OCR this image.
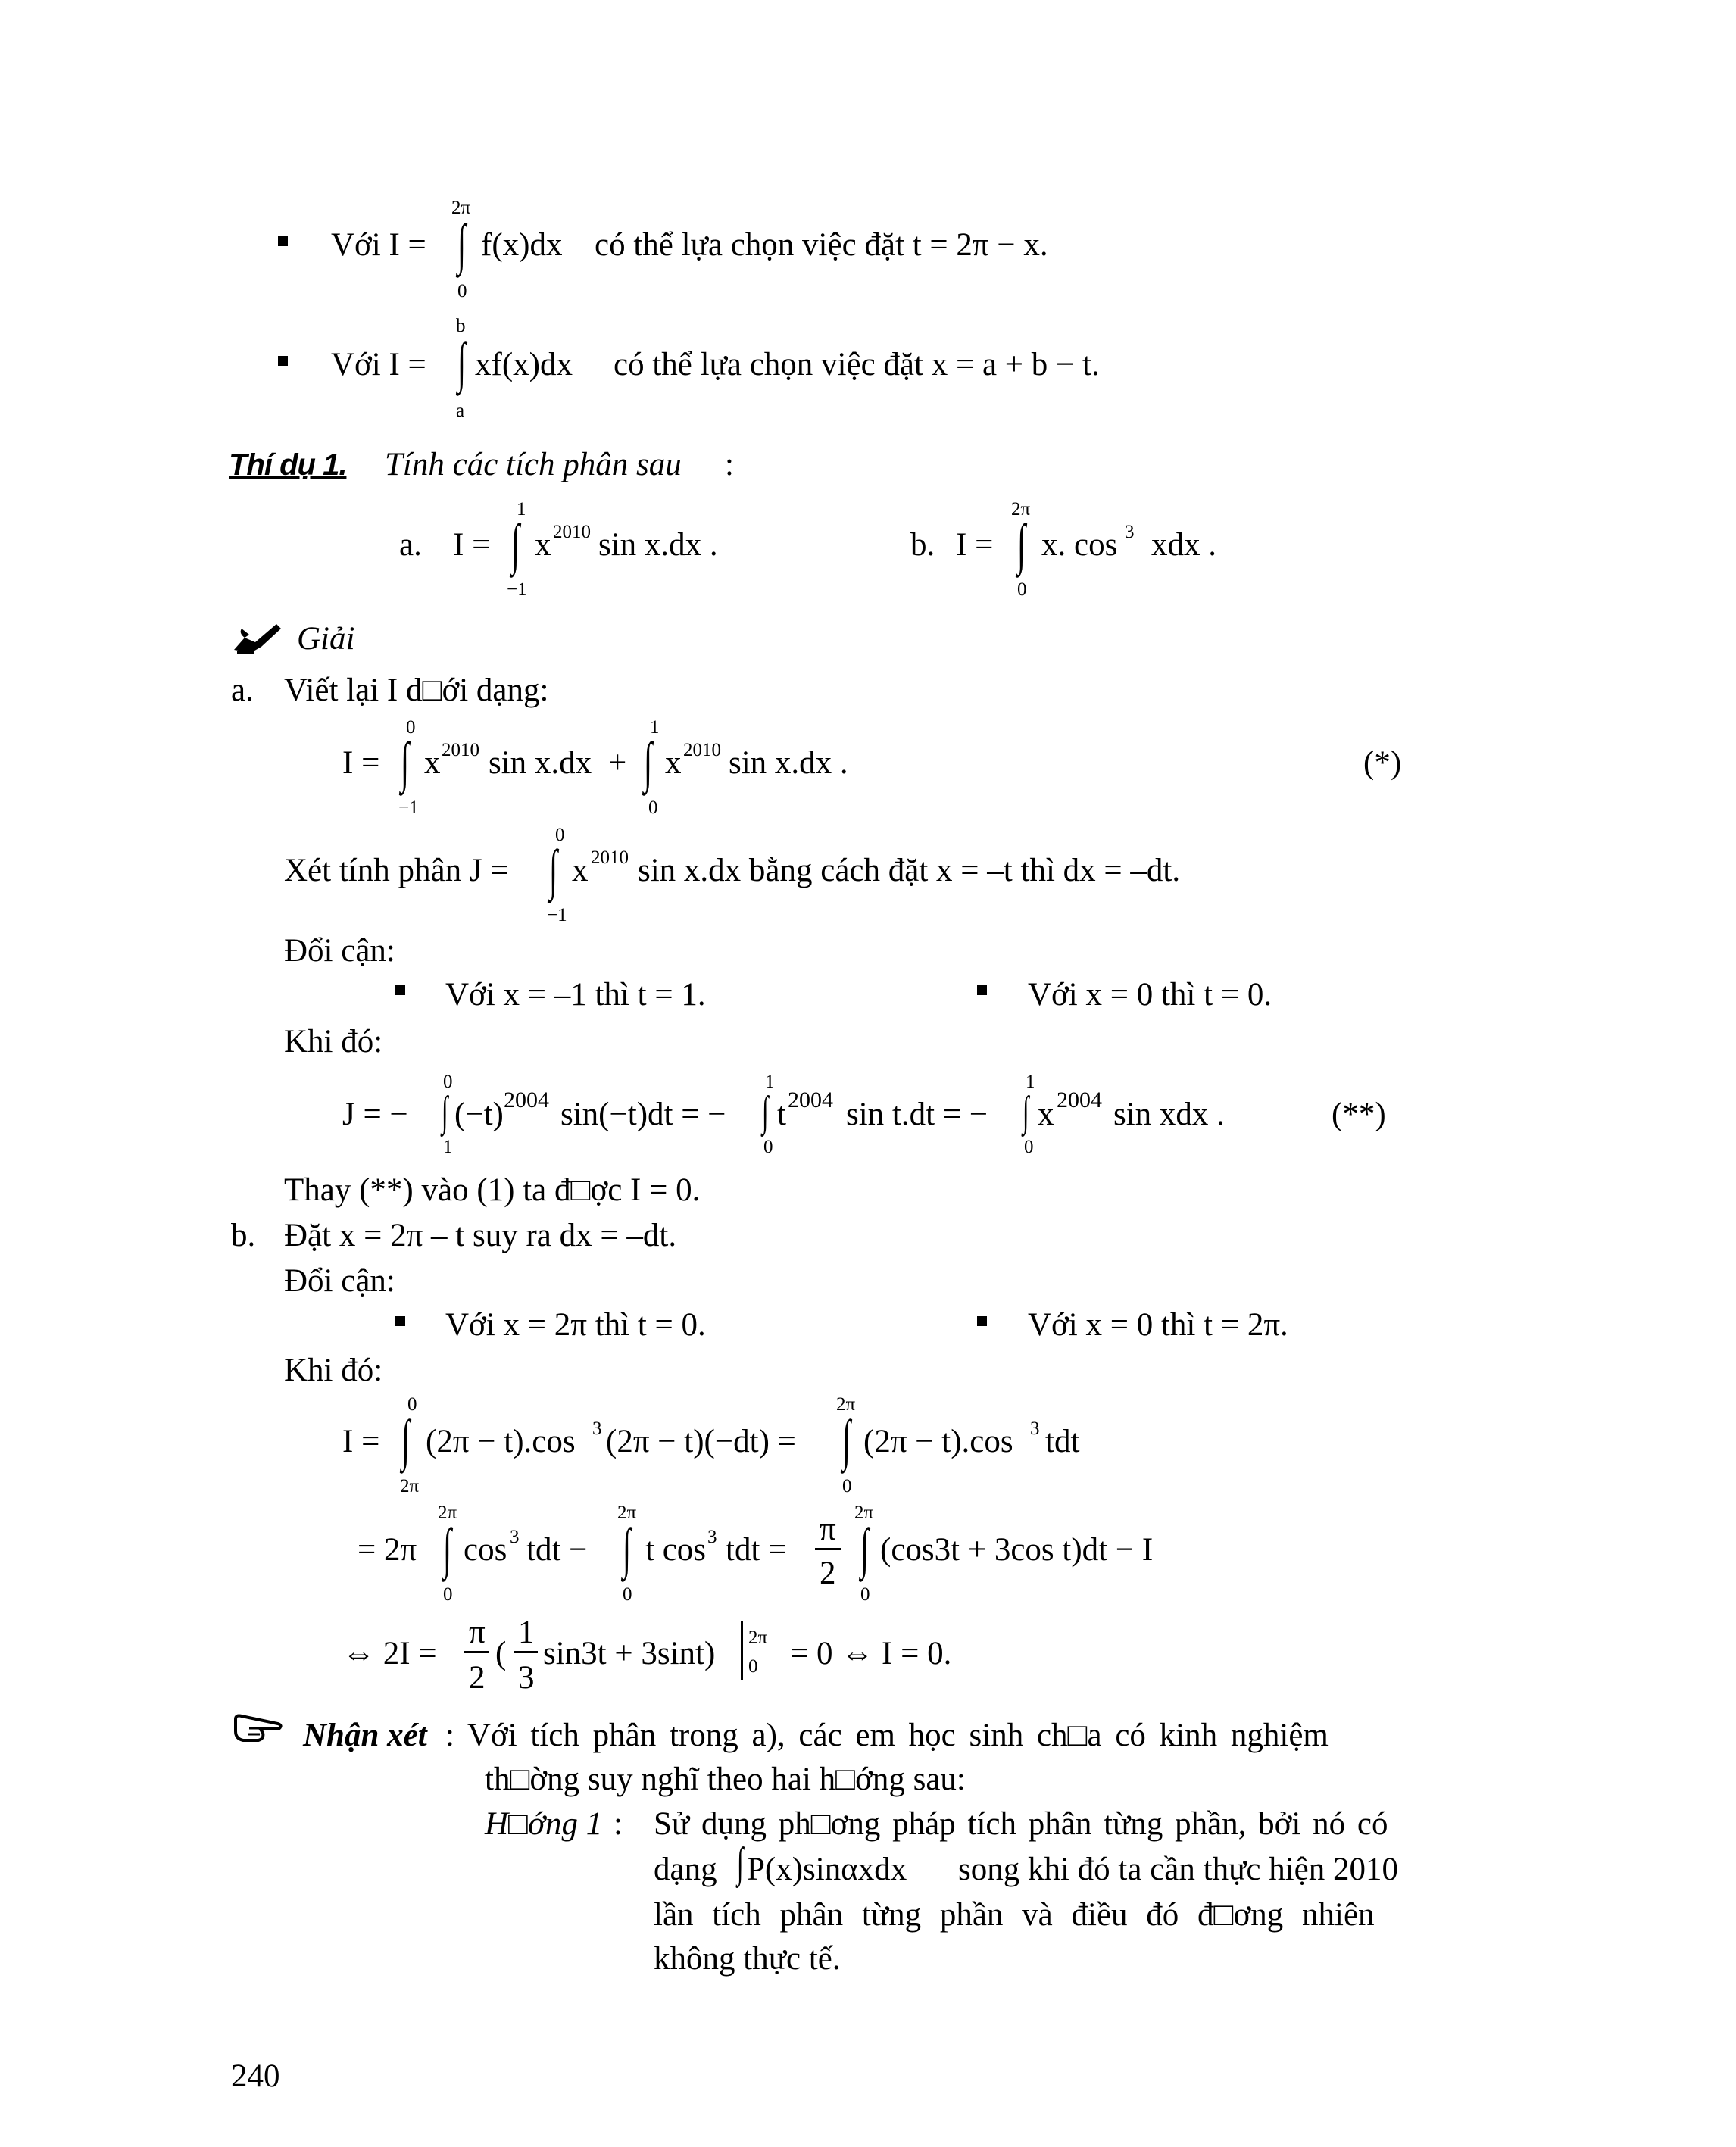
Với I =
2π
∫
0
f(x)dx có thể lựa chọn việc đặt t = 2π − x.
Với I =
b
∫
a
xf(x)dx có thể lựa chọn việc đặt x = a + b − t.
Thí dụ 1. Tính các tích phân sau :
a. I =
1
∫
−1
x 2010 sin x.dx .	b. I =
2π
∫
0
x. cos 3 xdx .
Giải
a. Viết lại I d□ới dạng:
I =
0
∫
−1
x 2010 sin x.dx +
1
∫
0
x 2010 sin x.dx .	(*)
Xét tính phân J =
0
∫
−1
x 2010 sin x.dx bằng cách đặt x = –t thì dx = –dt.
Đổi cận:
Với x = –1 thì t = 1.	Với x = 0 thì t = 0.
Khi đó:
J = −
0
∫
1
(−t) 2004 sin(−t)dt = −
1
∫
0
t 2004 sin t.dt = −
1
∫
0
x 2004 sin xdx .	(**)
Thay (**) vào (1) ta đ□ợc I = 0.
b. Đặt x = 2π – t suy ra dx = –dt.
Đổi cận:
Với x = 2π thì t = 0.	Với x = 0 thì t = 2π.
Khi đó:
I =
0
∫
2π
(2π − t).cos 3 (2π − t)(−dt) =
2π
∫
0
(2π − t).cos 3 tdt
= 2π
2π
∫
0
cos 3 tdt −
2π
∫
0
t cos 3 tdt =
π
2
2π
∫
0
(cos3t + 3cos t)dt − I
⇔ 2I =
π
2
(
1
3
sin3t + 3sint) 2π
0 = 0 ⇔ I = 0.
Nhận xét : Với tích phân trong a), các em học sinh ch□a có kinh nghiệm
th□ờng suy nghĩ theo hai h□ớng sau:
H□ớng 1 : Sử dụng ph□ơng pháp tích phân từng phần, bởi nó có
dạng ∫ P(x)sinαxdx song khi đó ta cần thực hiện 2010
lần tích phân từng phần và điều đó đ□ơng nhiên
không thực tế.
240
